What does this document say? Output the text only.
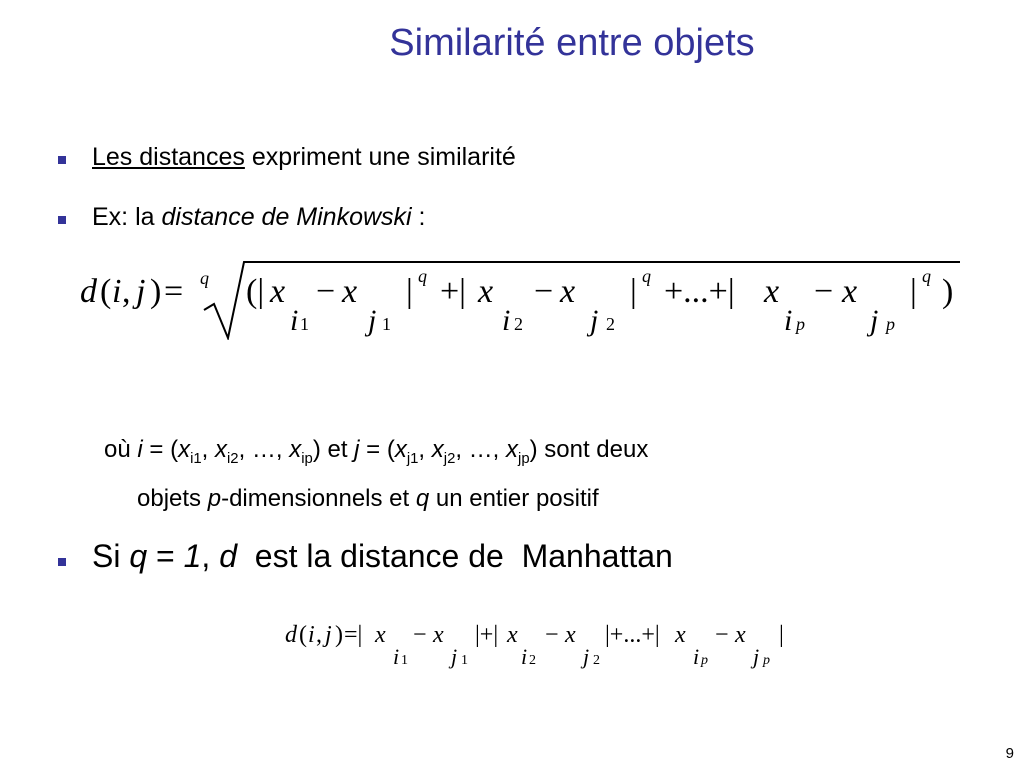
Similarité entre objets
Les distances expriment une similarité
Ex: la distance de Minkowski :
d ( i , j ) = q (| x
i 1
− x
j 1
| q +| x
i 2
− x
j 2
| q +...+| x
i p
− x
j p
| q )
où $i = (x_{i1}$, $x_{i2}$, …, $x_{ip}$) et $j = (x_{j1}$, $x_{j2}$, …, $x_{jp}$) sont deux
objets p-dimensionnels et q un entier positif
Si q = 1, d  est la distance de  Manhattan
d ( i , j ) =| x
i 1
− x
j 1
|+| x
i 2
− x
j 2
|+...+| x
i p
− x
j p
|
9
